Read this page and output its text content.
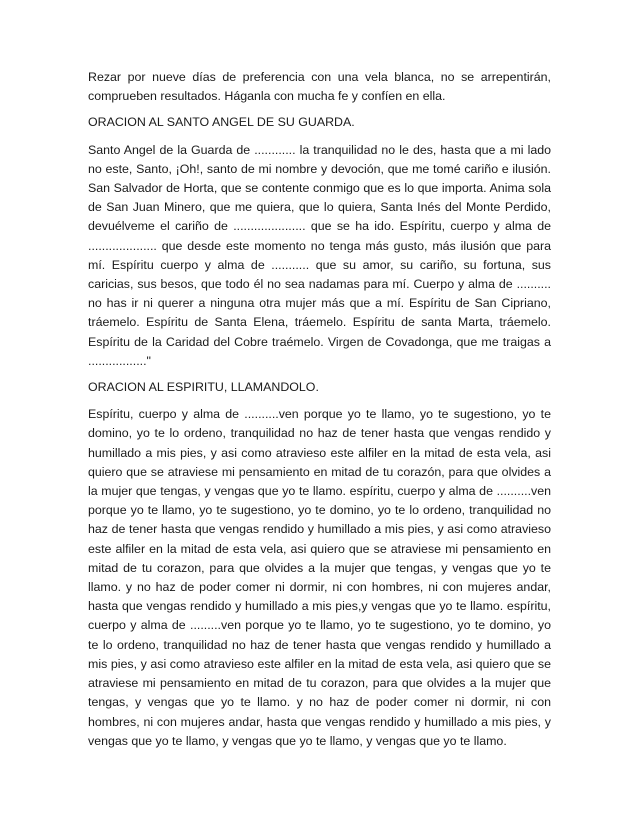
Rezar por nueve días de preferencia con una vela blanca, no se arrepentirán, comprueben resultados. Háganla con mucha fe y confíen en ella.

ORACION AL SANTO ANGEL DE SU GUARDA.

Santo Angel de la Guarda de ............ la tranquilidad no le des, hasta que a mi lado no este, Santo, ¡Oh!, santo de mi nombre y devoción, que me tomé cariño e ilusión. San Salvador de Horta, que se contente conmigo que es lo que importa. Anima sola de San Juan Minero, que me quiera, que lo quiera, Santa Inés del Monte Perdido, devuélveme el cariño de ..................... que se ha ido. Espíritu, cuerpo y alma de .................... que desde este momento no tenga más gusto, más ilusión que para mí. Espíritu cuerpo y alma de ........... que su amor, su cariño, su fortuna, sus caricias, sus besos, que todo él no sea nadamas para mí. Cuerpo y alma de .......... no has ir ni querer a ninguna otra mujer más que a mí. Espíritu de San Cipriano, tráemelo. Espíritu de Santa Elena, tráemelo. Espíritu de santa Marta, tráemelo. Espíritu de la Caridad del Cobre traémelo. Virgen de Covadonga, que me traigas a ................."

ORACION AL ESPIRITU, LLAMANDOLO.

Espíritu, cuerpo y alma de ..........ven porque yo te llamo, yo te sugestiono, yo te domino, yo te lo ordeno, tranquilidad no haz de tener hasta que vengas rendido y humillado a mis pies, y asi como atravieso este alfiler en la mitad de esta vela, asi quiero que se atraviese mi pensamiento en mitad de tu corazón, para que olvides a la mujer que tengas, y vengas que yo te llamo. espíritu, cuerpo y alma de ..........ven porque yo te llamo, yo te sugestiono, yo te domino, yo te lo ordeno, tranquilidad no haz de tener hasta que vengas rendido y humillado a mis pies, y asi como atravieso este alfiler en la mitad de esta vela, asi quiero que se atraviese mi pensamiento en mitad de tu corazon, para que olvides a la mujer que tengas, y vengas que yo te llamo. y no haz de poder comer ni dormir, ni con hombres, ni con mujeres andar, hasta que vengas rendido y humillado a mis pies,y vengas que yo te llamo. espíritu, cuerpo y alma de .........ven porque yo te llamo, yo te sugestiono, yo te domino, yo te lo ordeno, tranquilidad no haz de tener hasta que vengas rendido y humillado a mis pies, y asi como atravieso este alfiler en la mitad de esta vela, asi quiero que se atraviese mi pensamiento en mitad de tu corazon, para que olvides a la mujer que tengas, y vengas que yo te llamo. y no haz de poder comer ni dormir, ni con hombres, ni con mujeres andar, hasta que vengas rendido y humillado a mis pies, y vengas que yo te llamo, y vengas que yo te llamo, y vengas que yo te llamo.
